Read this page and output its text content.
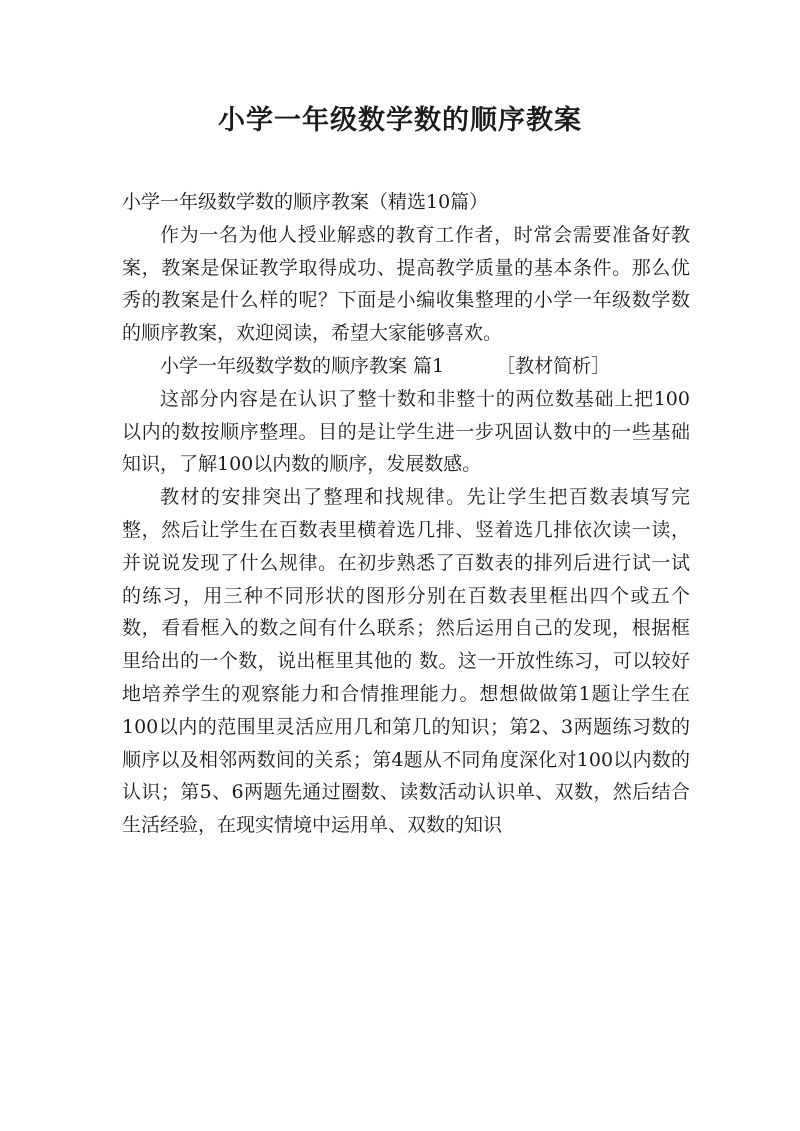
小学一年级数学数的顺序教案

小学一年级数学数的顺序教案（精选10篇）

作为一名为他人授业解惑的教育工作者，时常会需要准备好教案，教案是保证教学取得成功、提高教学质量的基本条件。那么优秀的教案是什么样的呢？下面是小编收集整理的小学一年级数学数的顺序教案，欢迎阅读，希望大家能够喜欢。

小学一年级数学数的顺序教案 篇1	［教材简析］

这部分内容是在认识了整十数和非整十的两位数基础上把100以内的数按顺序整理。目的是让学生进一步巩固认数中的一些基础知识，了解100以内数的顺序，发展数感。

教材的安排突出了整理和找规律。先让学生把百数表填写完整，然后让学生在百数表里横着选几排、竖着选几排依次读一读，并说说发现了什么规律。在初步熟悉了百数表的排列后进行试一试的练习，用三种不同形状的图形分别在百数表里框出四个或五个数，看看框入的数之间有什么联系；然后运用自己的发现，根据框里给出的一个数，说出框里其他的 数。这一开放性练习，可以较好地培养学生的观察能力和合情推理能力。想想做做第1题让学生在100以内的范围里灵活应用几和第几的知识；第2、3两题练习数的顺序以及相邻两数间的关系；第4题从不同角度深化对100以内数的认识；第5、6两题先通过圈数、读数活动认识单、双数，然后结合生活经验，在现实情境中运用单、双数的知识
